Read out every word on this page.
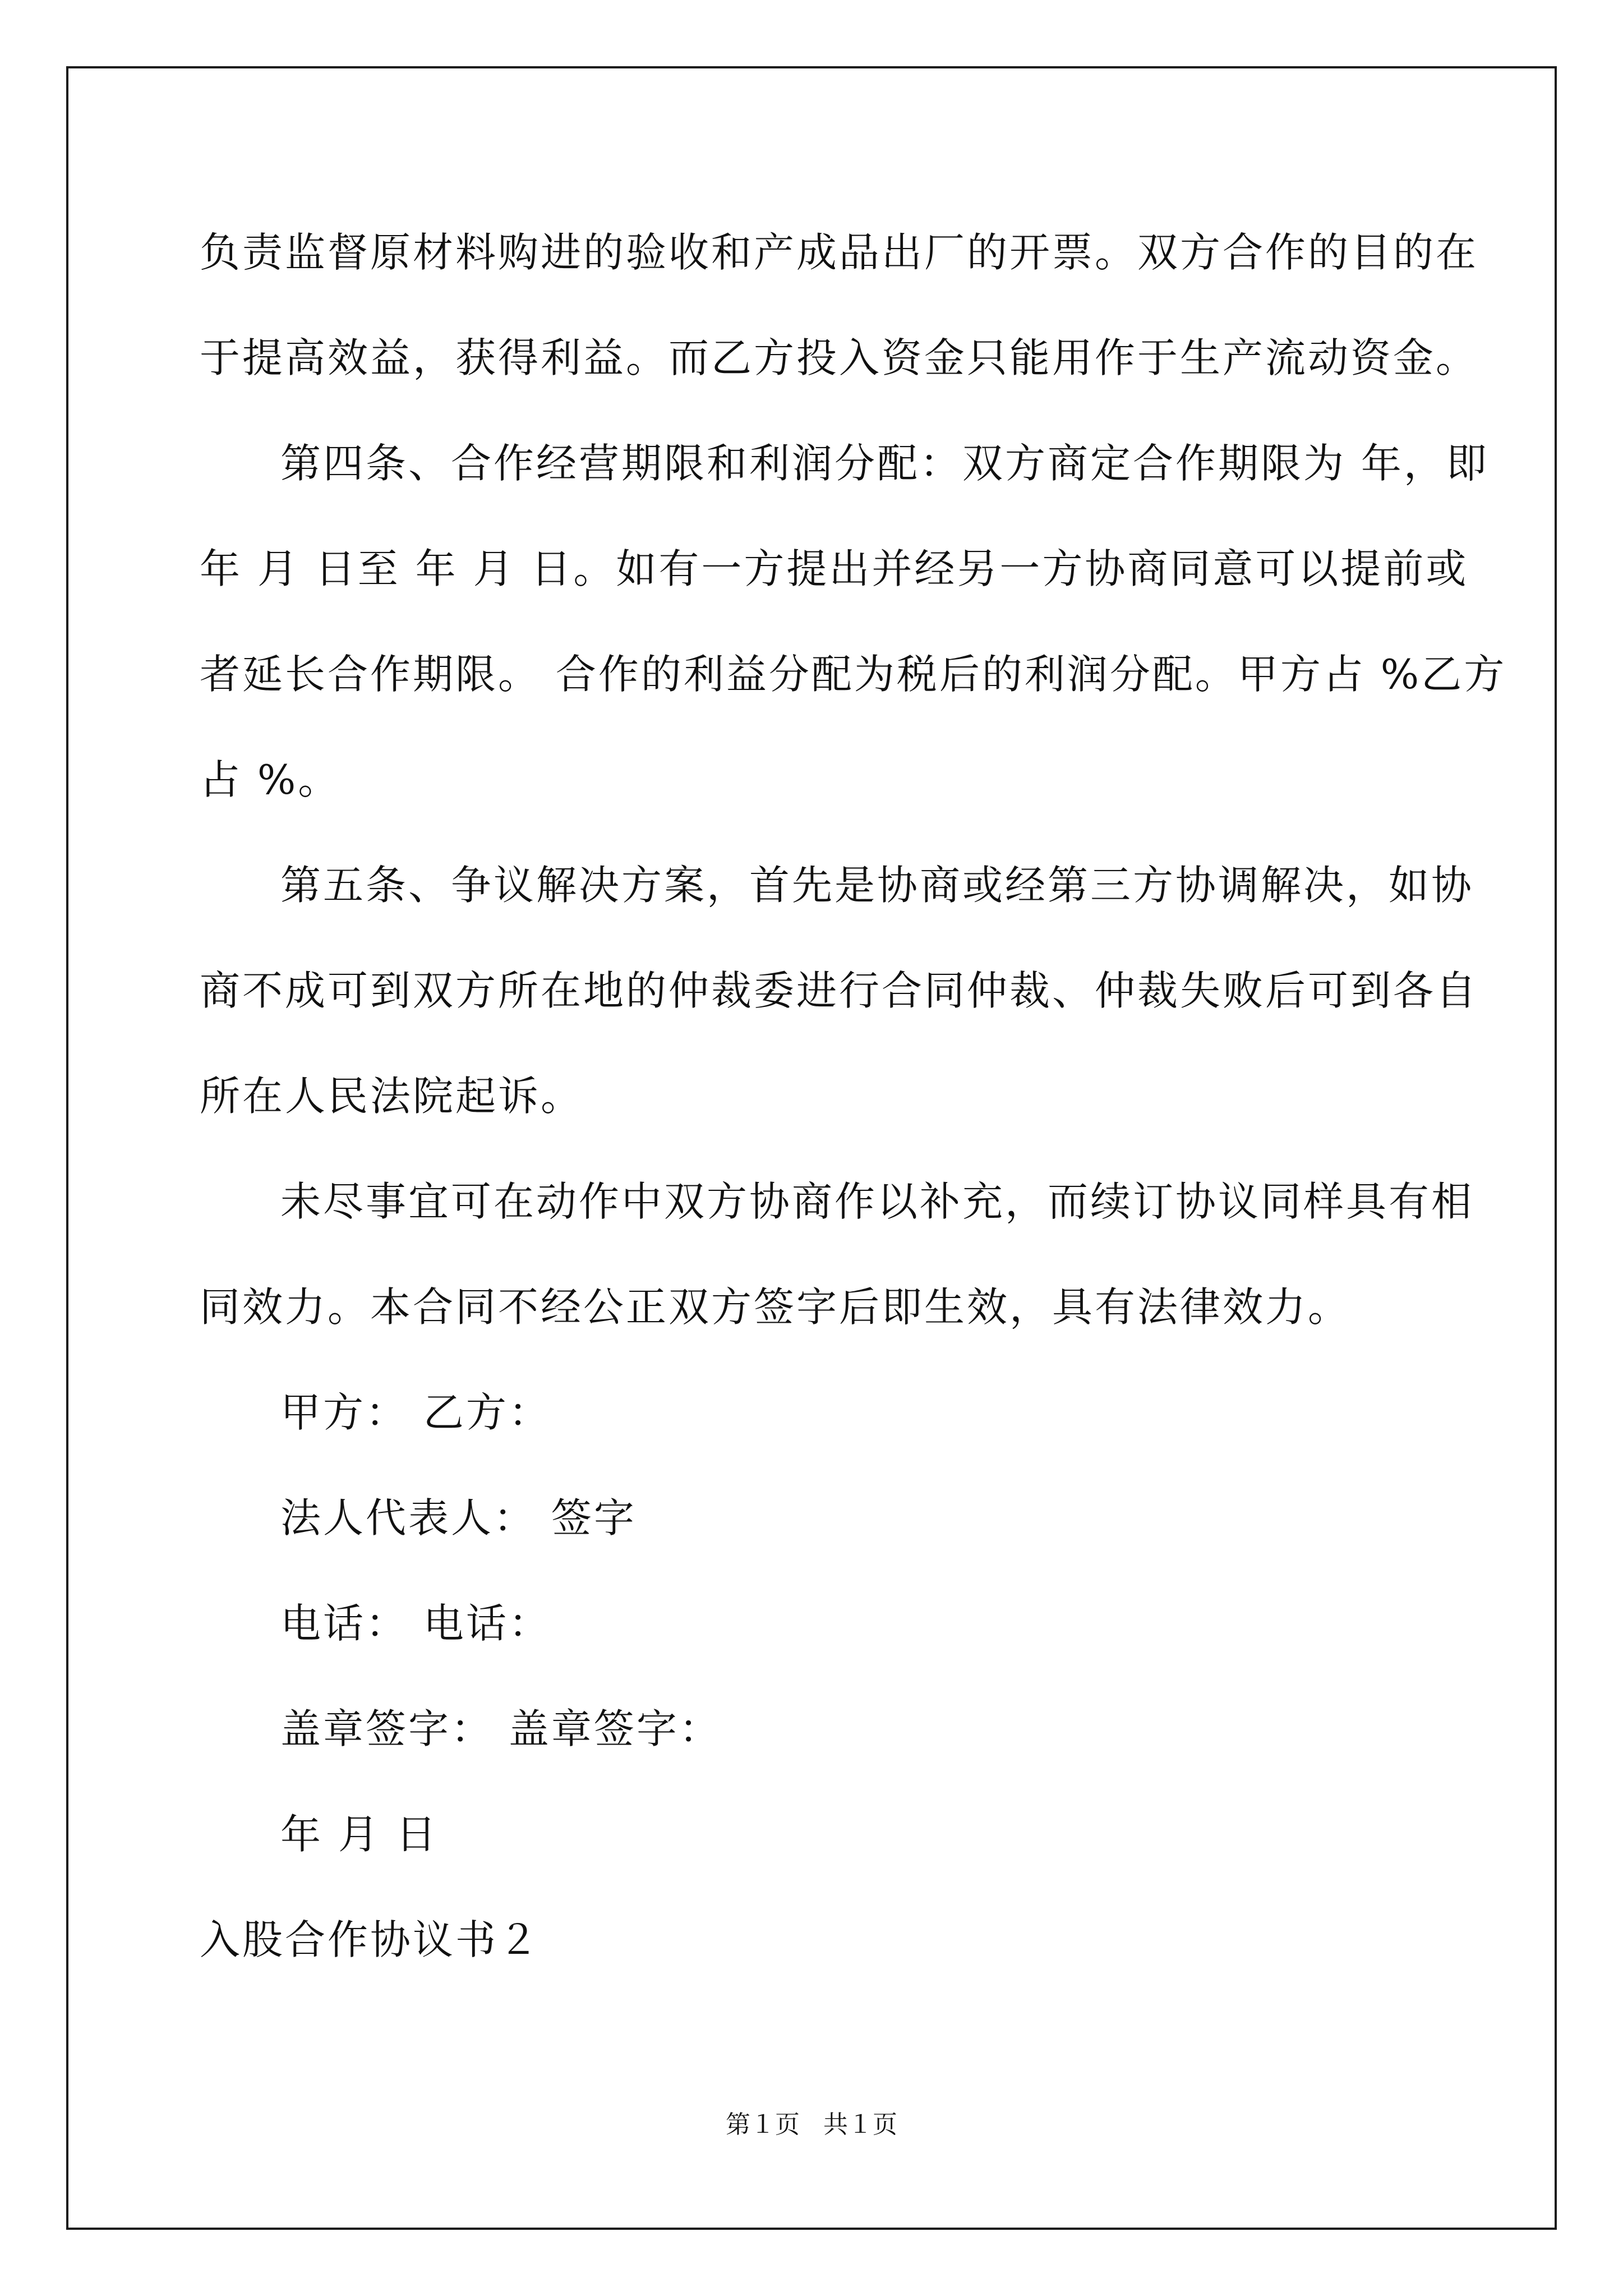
负责监督原材料购进的验收和产成品出厂的开票。双方合作的目的在
于提高效益，获得利益。而乙方投入资金只能用作于生产流动资金。
第四条、合作经营期限和利润分配：双方商定合作期限为 年，即
年 月 日至 年 月 日。如有一方提出并经另一方协商同意可以提前或
者延长合作期限。 合作的利益分配为税后的利润分配。甲方占 %乙方
占 %。
第五条、争议解决方案，首先是协商或经第三方协调解决，如协
商不成可到双方所在地的仲裁委进行合同仲裁、仲裁失败后可到各自
所在人民法院起诉。
未尽事宜可在动作中双方协商作以补充，而续订协议同样具有相
同效力。本合同不经公正双方签字后即生效，具有法律效力。
甲方： 乙方：
法人代表人： 签字
电话： 电话：
盖章签字： 盖章签字：
年 月 日
入股合作协议书２
第１页   共１页
